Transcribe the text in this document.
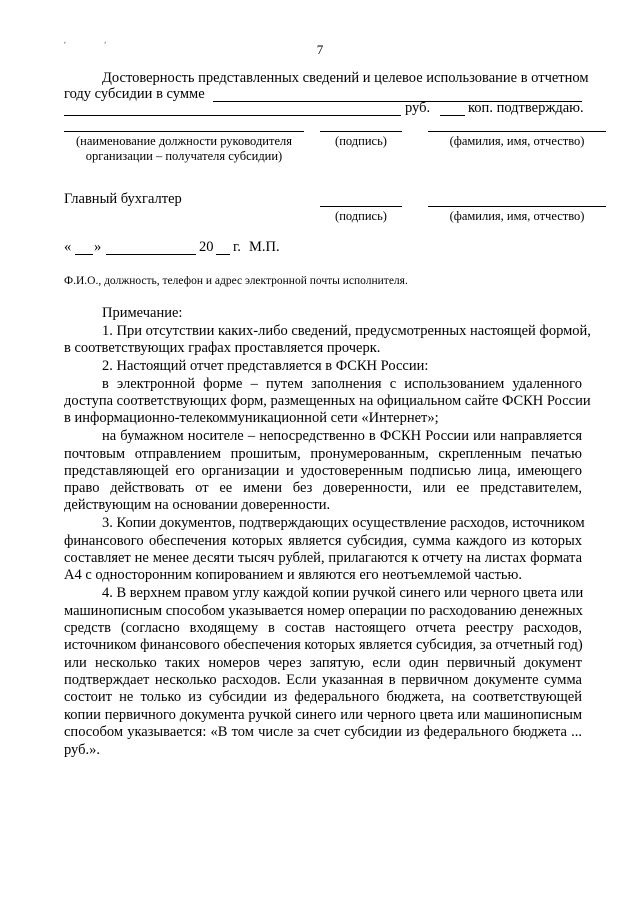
ʹ ʹ	7
Достоверность представленных сведений и целевое использование в отчетном
году субсидии в сумме
руб.	коп. подтверждаю.
(наименование должности руководителя
организации – получателя субсидии)
(подпись)	(фамилия, имя, отчество)
Главный бухгалтер
(подпись)	(фамилия, имя, отчество)
« »	20 г. М.П.
Ф.И.О., должность, телефон и адрес электронной почты исполнителя.
Примечание:
1. При отсутствии каких-либо сведений, предусмотренных настоящей формой,
в соответствующих графах проставляется прочерк.
2. Настоящий отчет представляется в ФСКН России:
в электронной форме – путем заполнения с использованием удаленного
доступа соответствующих форм, размещенных на официальном сайте ФСКН России
в информационно-телекоммуникационной сети «Интернет»;
на бумажном носителе – непосредственно в ФСКН России или направляется
почтовым отправлением прошитым, пронумерованным, скрепленным печатью
представляющей его организации и удостоверенным подписью лица, имеющего
право действовать от ее имени без доверенности, или ее представителем,
действующим на основании доверенности.
3. Копии документов, подтверждающих осуществление расходов, источником
финансового обеспечения которых является субсидия, сумма каждого из которых
составляет не менее десяти тысяч рублей, прилагаются к отчету на листах формата
А4 с односторонним копированием и являются его неотъемлемой частью.
4. В верхнем правом углу каждой копии ручкой синего или черного цвета или
машинописным способом указывается номер операции по расходованию денежных
средств (согласно входящему в состав настоящего отчета реестру расходов,
источником финансового обеспечения которых является субсидия, за отчетный год)
или несколько таких номеров через запятую, если один первичный документ
подтверждает несколько расходов. Если указанная в первичном документе сумма
состоит не только из субсидии из федерального бюджета, на соответствующей
копии первичного документа ручкой синего или черного цвета или машинописным
способом указывается: «В том числе за счет субсидии из федерального бюджета ...
руб.».
